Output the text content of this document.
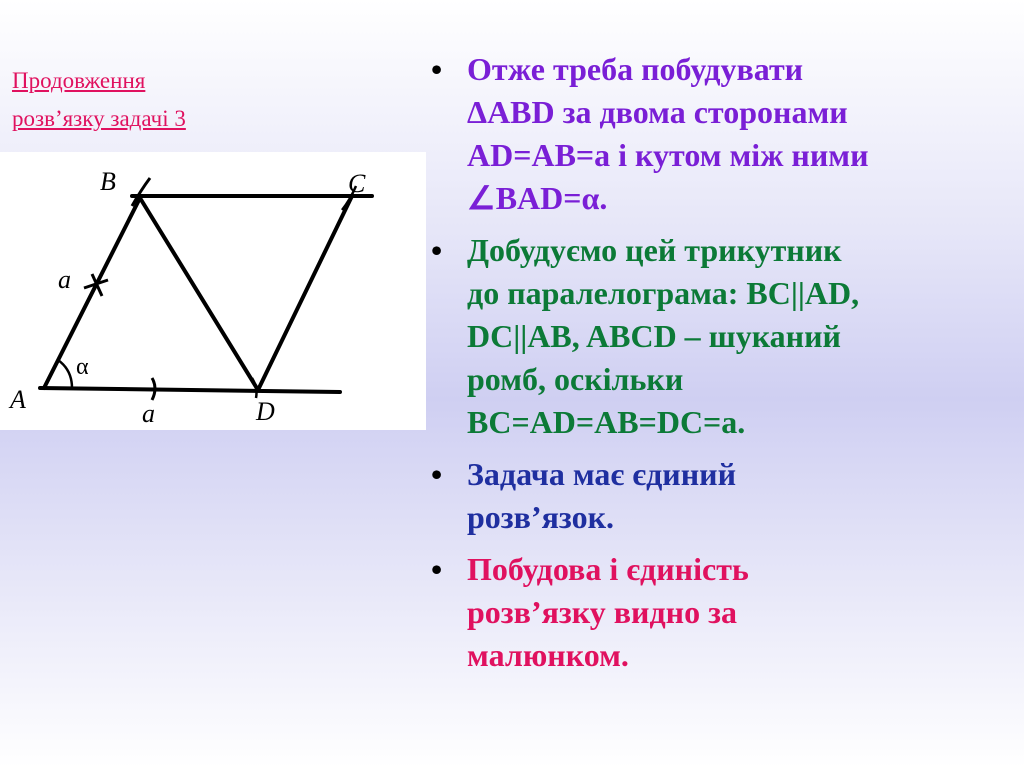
Продовження
розв’язку задачі 3
B	C
A	D
a
a
α
• Отже треба побудувати
ΔABD за двома сторонами
AD=AB=a і кутом між ними
∠BAD=α.
• Добудуємо цей трикутник
до паралелограма: BC||AD,
DC||AB, ABCD – шуканий
ромб, оскільки
BC=AD=AB=DC=a.
• Задача має єдиний
розв’язок.
• Побудова і єдиність
розв’язку видно за
малюнком.
